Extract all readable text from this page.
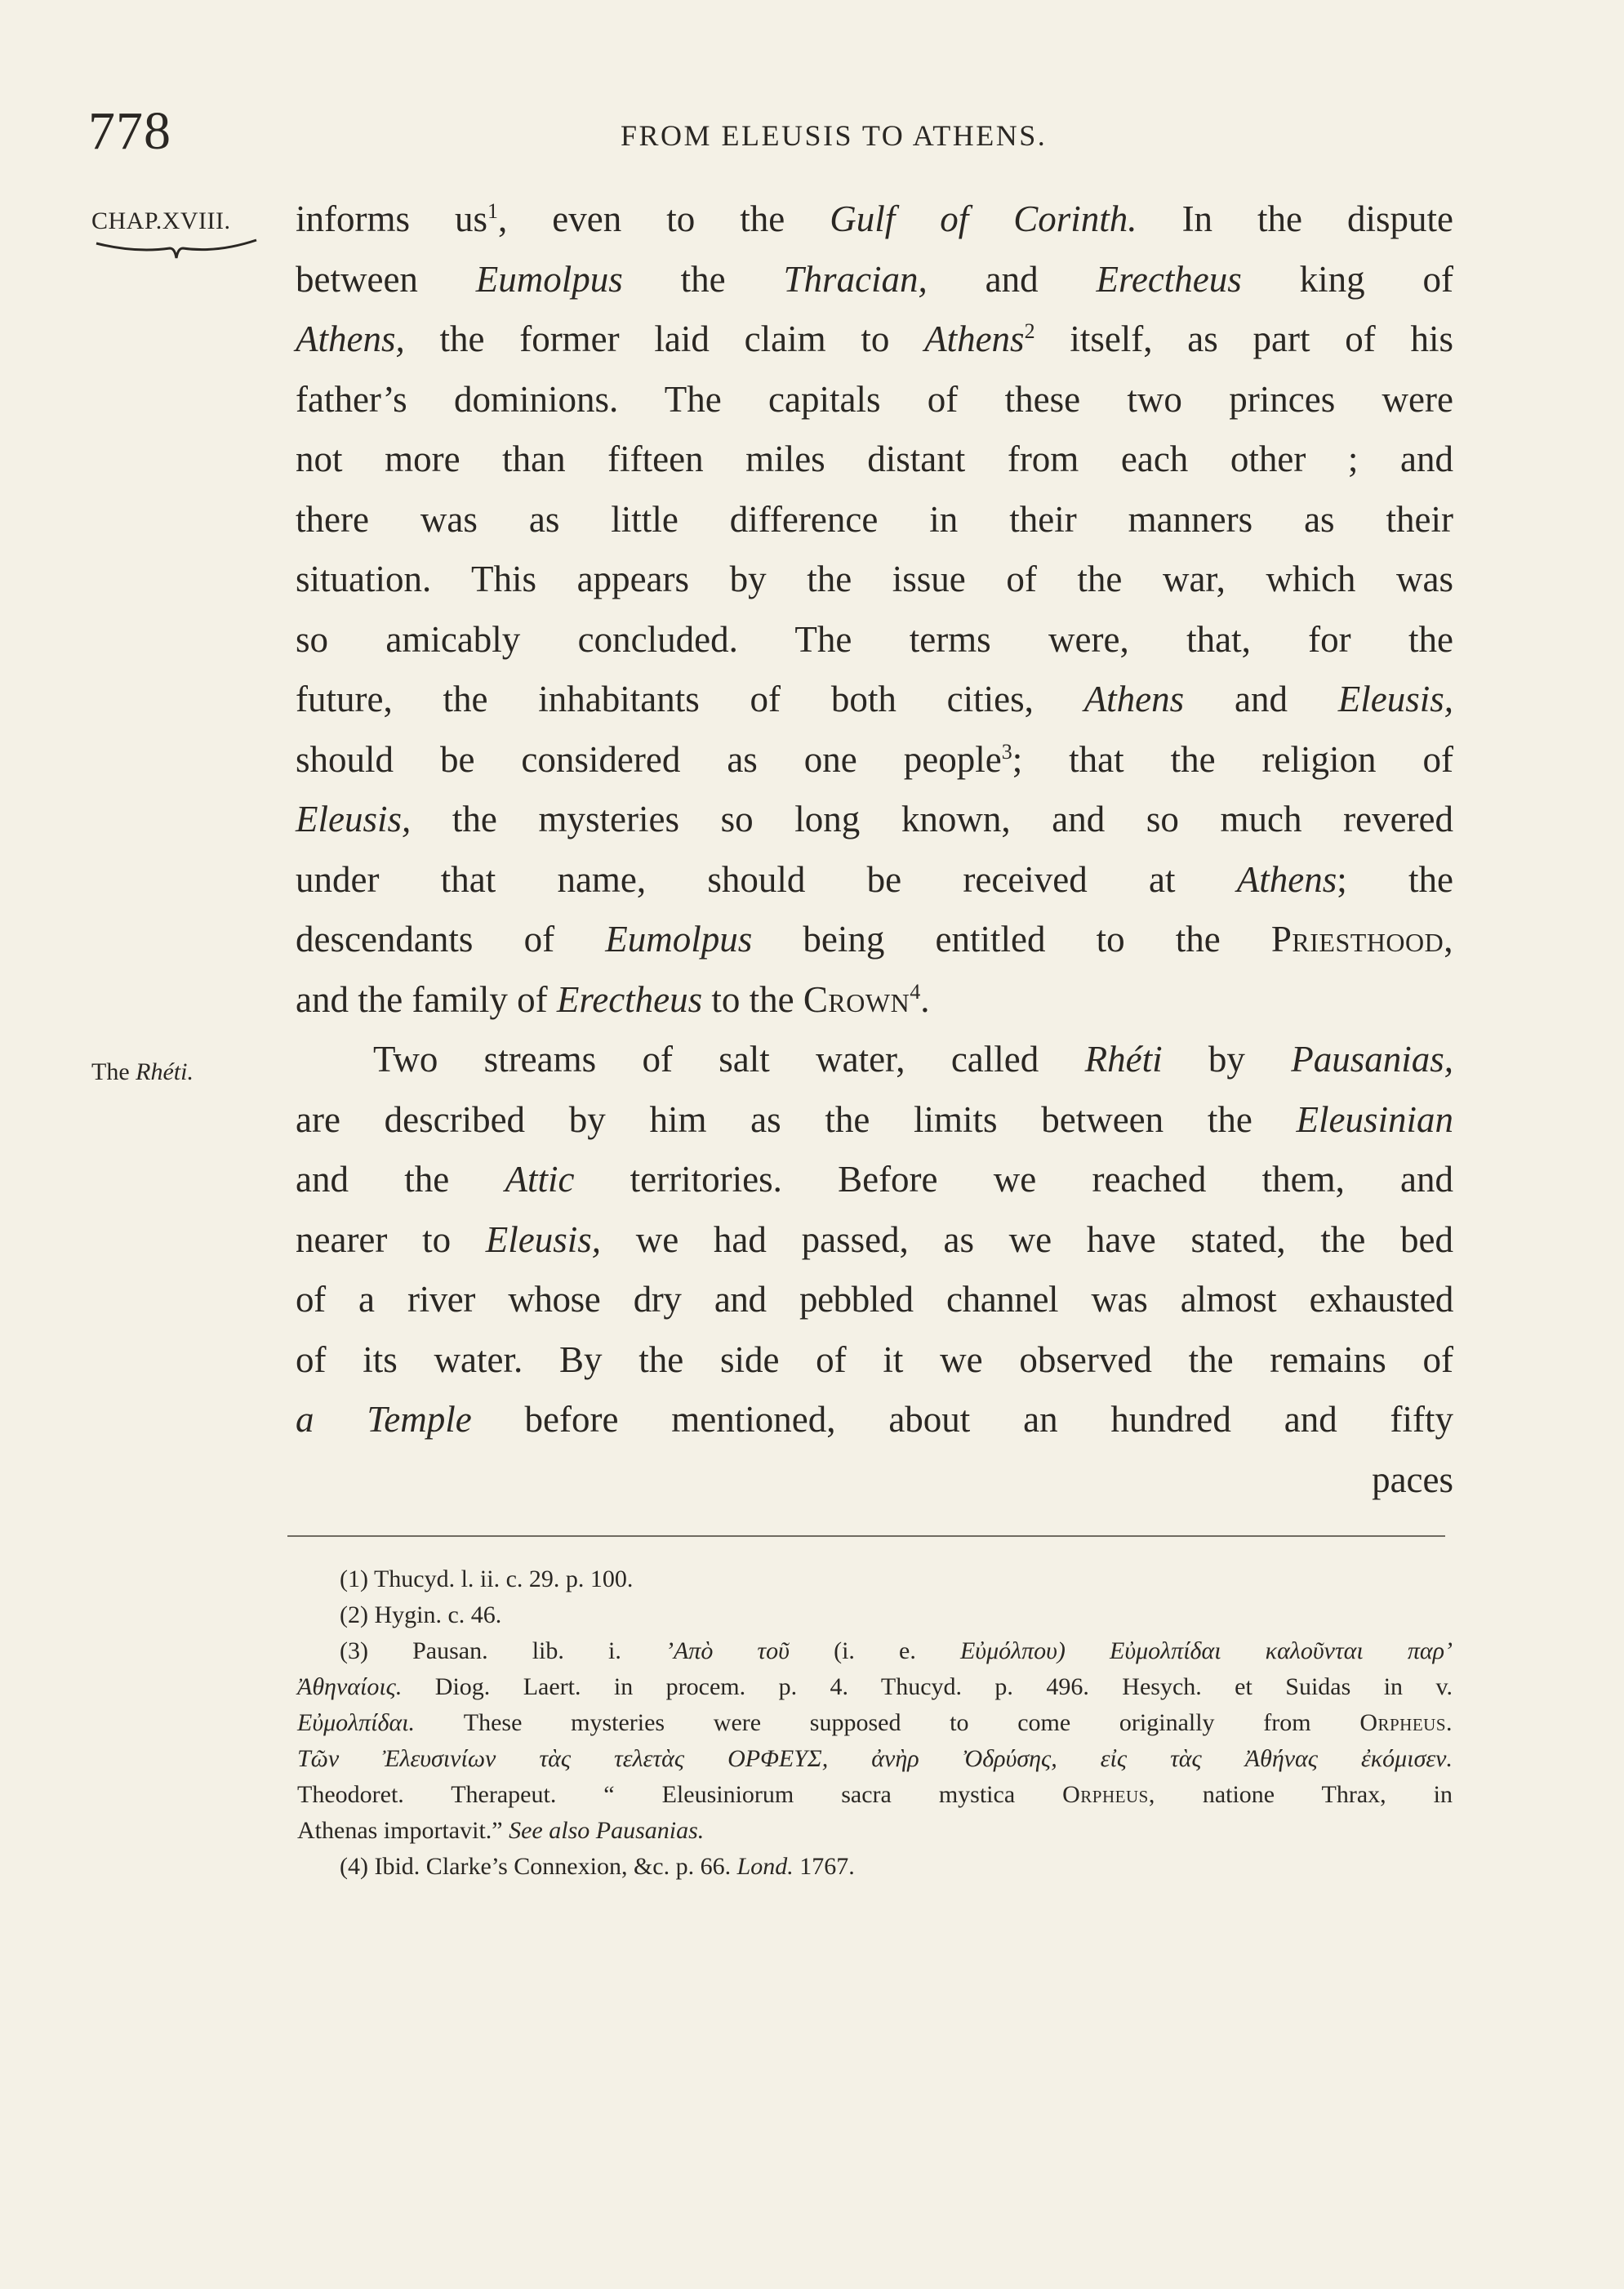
778	FROM ELEUSIS TO ATHENS.
CHAP.XVIII.
The Rhéti.
informs $us^1$, even to the Gulf of Corinth. In the dispute
between Eumolpus the Thracian, and Erectheus king of
Athens, the former laid claim to Athens$^2$ itself, as part of his
father’s dominions. The capitals of these two princes were
not more than fifteen miles distant from each other ; and
there was as little difference in their manners as their
situation. This appears by the issue of the war, which was
so amicably concluded. The terms were, that, for the
future, the inhabitants of both cities, Athens and Eleusis,
should be considered as one people$^3$; that the religion of
Eleusis, the mysteries so long known, and so much revered
under that name, should be received at Athens; the
descendants of Eumolpus being entitled to the Priesthood,
and the family of Erectheus to the Crown$^4$.
Two streams of salt water, called Rhéti by Pausanias,
are described by him as the limits between the Eleusinian
and the Attic territories. Before we reached them, and
nearer to Eleusis, we had passed, as we have stated, the bed
of a river whose dry and pebbled channel was almost exhausted
of its water. By the side of it we observed the remains of
a Temple before mentioned, about an hundred and fifty
paces
(1) Thucyd. l. ii. c. 29. p. 100.
(2) Hygin. c. 46.
(3) Pausan. lib. i. ’Απὸ τοῦ (i. e. Εὐμόλπου) Εὐμολπίδαι καλοῦνται παρ’
Ἀθηναίοις. Diog. Laert. in procem. p. 4. Thucyd. p. 496. Hesych. et Suidas in v.
Εὐμολπίδαι. These mysteries were supposed to come originally from Orpheus.
Τῶν Ἐλευσινίων τὰς τελετὰς ΟΡΦΕΥΣ, ἀνὴρ Ὀδρύσης, εἰς τὰς Ἀθήνας ἐκόμισεν.
Theodoret. Therapeut. “ Eleusiniorum sacra mystica Orpheus, natione Thrax, in
Athenas importavit.” See also Pausanias.
(4) Ibid. Clarke’s Connexion, &c. p. 66. Lond. 1767.
